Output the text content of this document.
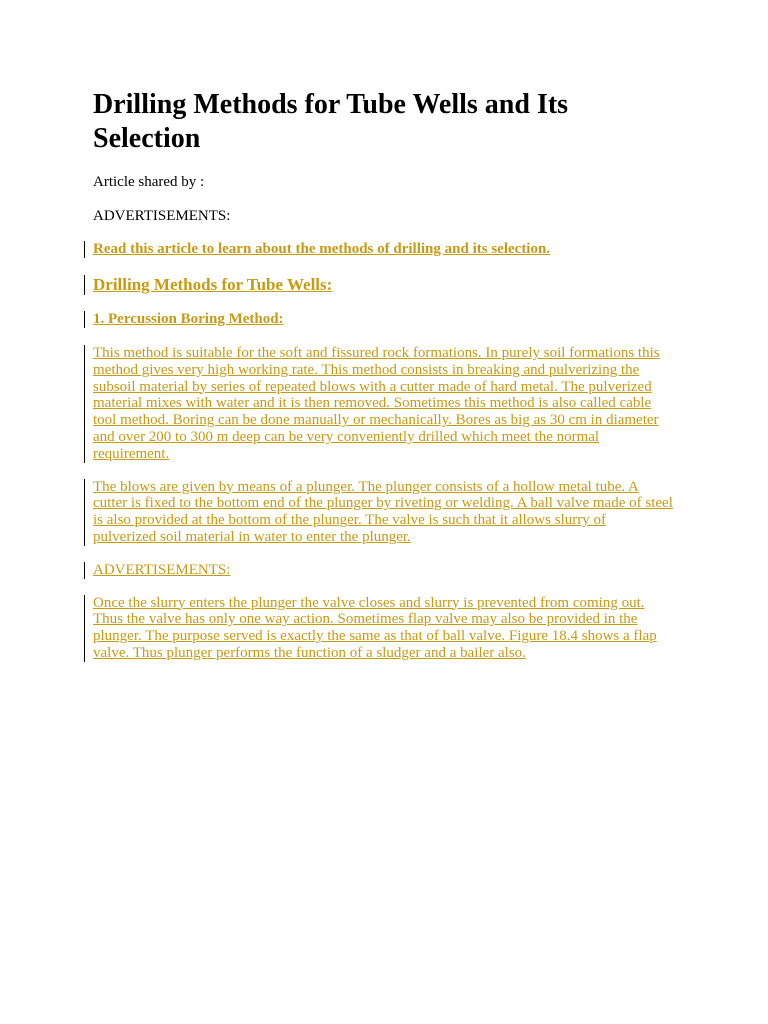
Drilling Methods for Tube Wells and Its Selection

Article shared by :

ADVERTISEMENTS:

Read this article to learn about the methods of drilling and its selection.
Drilling Methods for Tube Wells:
1. Percussion Boring Method:
This method is suitable for the soft and fissured rock formations. In purely soil formations this method gives very high working rate. This method consists in breaking and pulverizing the subsoil material by series of repeated blows with a cutter made of hard metal. The pulverized material mixes with water and it is then removed. Sometimes this method is also called cable tool method. Boring can be done manually or mechanically. Bores as big as 30 cm in diameter and over 200 to 300 m deep can be very conveniently drilled which meet the normal requirement.
The blows are given by means of a plunger. The plunger consists of a hollow metal tube. A cutter is fixed to the bottom end of the plunger by riveting or welding. A ball valve made of steel is also provided at the bottom of the plunger. The valve is such that it allows slurry of pulverized soil material in water to enter the plunger.
ADVERTISEMENTS:
Once the slurry enters the plunger the valve closes and slurry is prevented from coming out. Thus the valve has only one way action. Sometimes flap valve may also be provided in the plunger. The purpose served is exactly the same as that of ball valve. Figure 18.4 shows a flap valve. Thus plunger performs the function of a sludger and a bailer also.
